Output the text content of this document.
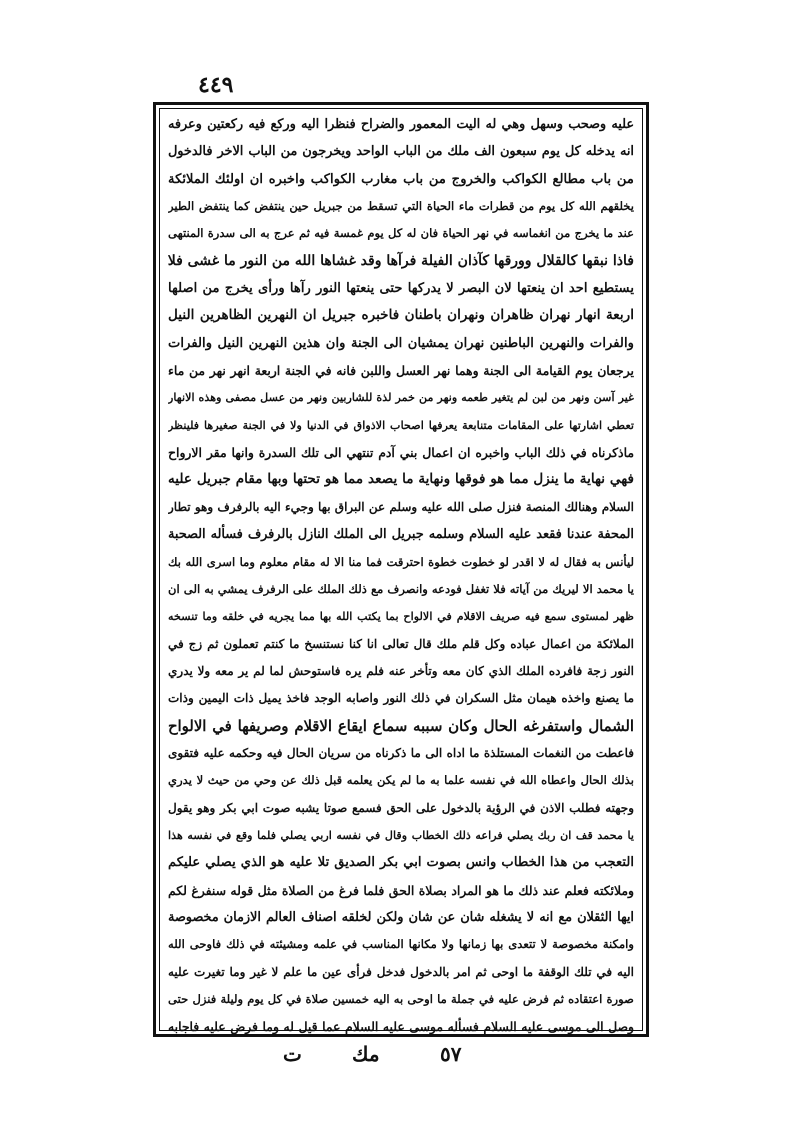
٤٤٩
عليه وصحب وسهل وهي له اليت المعمور والضراح فنظرا اليه وركع فيه ركعتين وعرفه
انه يدخله كل يوم سبعون الف ملك من الباب الواحد ويخرجون من الباب الاخر فالدخول
من باب مطالع الكواكب والخروج من باب مغارب الكواكب واخبره ان اولئك الملائكة
يخلقهم الله كل يوم من قطرات ماء الحياة التي تسقط من جبريل حين ينتفض كما ينتفض الطير
عند ما يخرج من انغماسه في نهر الحياة فان له كل يوم غمسة فيه ثم عرج به الى سدرة المنتهى
فاذا نبقها كالقلال وورقها كآذان الفيلة فرآها وقد غشاها الله من النور ما غشى فلا
يستطيع احد ان ينعتها لان البصر لا يدركها حتى ينعتها النور رآها ورأى يخرج من اصلها
اربعة انهار نهران ظاهران ونهران باطنان فاخبره جبريل ان النهرين الظاهرين النيل
والفرات والنهرين الباطنين نهران يمشيان الى الجنة وان هذين النهرين النيل والفرات
يرجعان يوم القيامة الى الجنة وهما نهر العسل واللبن فانه في الجنة اربعة انهر نهر من ماء
غير آسن ونهر من لبن لم يتغير طعمه ونهر من خمر لذة للشاربين ونهر من عسل مصفى وهذه الانهار
تعطي اشارتها على المقامات متنابعة يعرفها اصحاب الاذواق في الدنيا ولا في الجنة صغيرها فلينظر
ماذكرناه في ذلك الباب واخبره ان اعمال بني آدم تنتهي الى تلك السدرة وانها مقر الارواح
فهي نهاية ما ينزل مما هو فوقها ونهاية ما يصعد مما هو تحتها وبها مقام جبريل عليه
السلام وهنالك المنصة فنزل صلى الله عليه وسلم عن البراق بها وجيء اليه بالرفرف وهو تطار
المحفة عندنا فقعد عليه السلام وسلمه جبريل الى الملك النازل بالرفرف فسأله الصحبة
ليأنس به فقال له لا اقدر لو خطوت خطوة احترقت فما منا الا له مقام معلوم وما اسرى الله بك
يا محمد الا ليريك من آياته فلا تغفل فودعه وانصرف مع ذلك الملك على الرفرف يمشي به الى ان
ظهر لمستوى سمع فيه صريف الاقلام في الالواح بما يكتب الله بها مما يجريه في خلقه وما تنسخه
الملائكة من اعمال عباده وكل قلم ملك قال تعالى انا كنا نستنسخ ما كنتم تعملون ثم زج في
النور زجة فافرده الملك الذي كان معه وتأخر عنه فلم يره فاستوحش لما لم ير معه ولا يدري
ما يصنع واخذه هيمان مثل السكران في ذلك النور واصابه الوجد فاخذ يميل ذات اليمين وذات
الشمال واستفرغه الحال وكان سببه سماع ايقاع الاقلام وصريفها في الالواح
فاعطت من النغمات المستلذة ما اداه الى ما ذكرناه من سريان الحال فيه وحكمه عليه فتقوى
بذلك الحال واعطاه الله في نفسه علما به ما لم يكن يعلمه قبل ذلك عن وحي من حيث لا يدري
وجهته فطلب الاذن في الرؤية بالدخول على الحق فسمع صوتا يشبه صوت ابي بكر وهو يقول
يا محمد قف ان ربك يصلي فراعه ذلك الخطاب وقال في نفسه اربي يصلي فلما وقع في نفسه هذا
التعجب من هذا الخطاب وانس بصوت ابي بكر الصديق تلا عليه هو الذي يصلي عليكم
وملائكته فعلم عند ذلك ما هو المراد بصلاة الحق فلما فرغ من الصلاة مثل قوله سنفرغ لكم
ايها الثقلان مع انه لا يشغله شان عن شان ولكن لخلقه اصناف العالم الازمان مخصوصة
وامكنة مخصوصة لا تتعدى بها زمانها ولا مكانها المناسب في علمه ومشيئته في ذلك فاوحى الله
اليه في تلك الوقفة ما اوحى ثم امر بالدخول فدخل فرأى عين ما علم لا غير وما تغيرت عليه
صورة اعتقاده ثم فرض عليه في جملة ما اوحى به اليه خمسين صلاة في كل يوم وليلة فنزل حتى
وصل الى موسى عليه السلام فسأله موسى عليه السلام عما قيل له وما فرض عليه فاجابه
٥٧
مك
ت
